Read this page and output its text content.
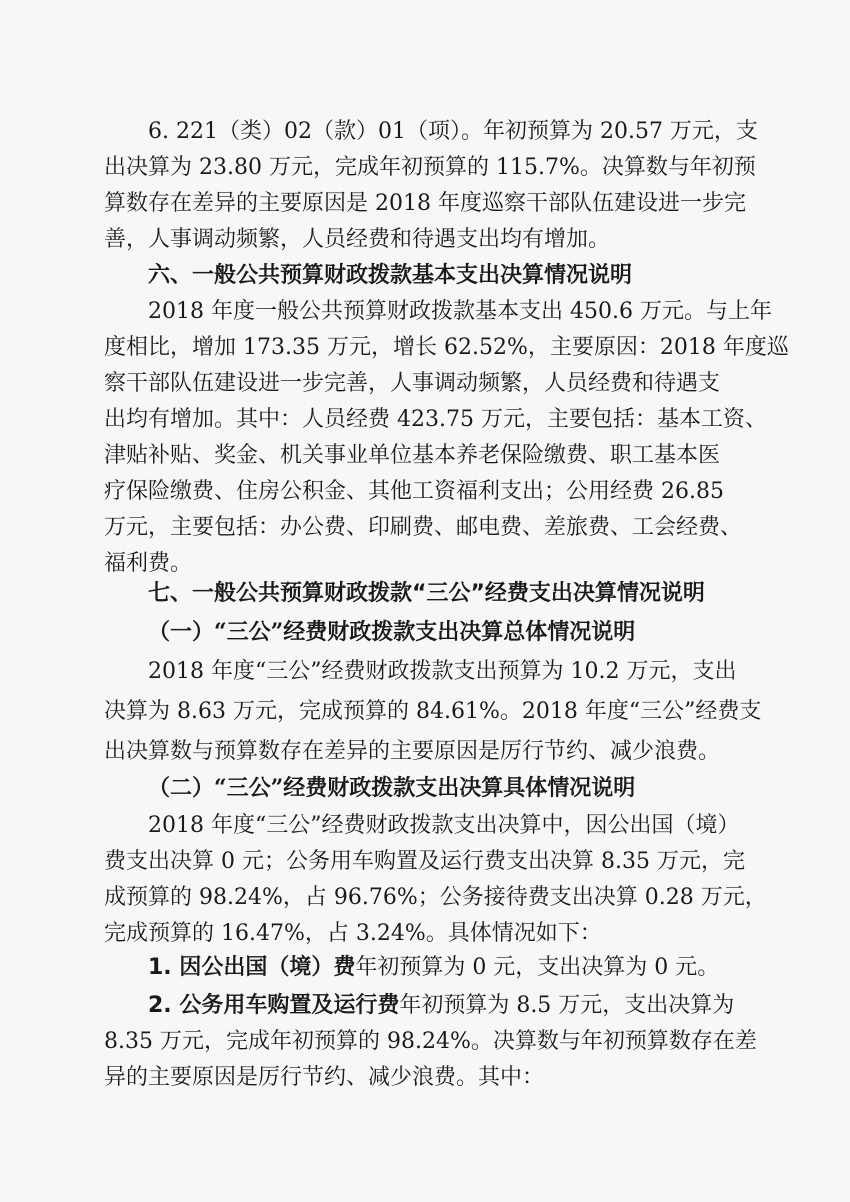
6. 221（类）02（款）01（项）。年初预算为 20.57 万元，支
出决算为 23.80 万元，完成年初预算的 115.7%。决算数与年初预
算数存在差异的主要原因是 2018 年度巡察干部队伍建设进一步完
善，人事调动频繁，人员经费和待遇支出均有增加。

六、一般公共预算财政拨款基本支出决算情况说明

2018 年度一般公共预算财政拨款基本支出 450.6 万元。与上年
度相比，增加 173.35 万元，增长 62.52%，主要原因：2018 年度巡
察干部队伍建设进一步完善，人事调动频繁，人员经费和待遇支
出均有增加。其中：人员经费 423.75 万元，主要包括：基本工资、
津贴补贴、奖金、机关事业单位基本养老保险缴费、职工基本医
疗保险缴费、住房公积金、其他工资福利支出；公用经费 26.85
万元，主要包括：办公费、印刷费、邮电费、差旅费、工会经费、
福利费。

七、一般公共预算财政拨款“三公”经费支出决算情况说明

（一）“三公”经费财政拨款支出决算总体情况说明

2018 年度“三公”经费财政拨款支出预算为 10.2 万元，支出
决算为 8.63 万元，完成预算的 84.61%。2018 年度“三公”经费支
出决算数与预算数存在差异的主要原因是厉行节约、减少浪费。

（二）“三公”经费财政拨款支出决算具体情况说明

2018 年度“三公”经费财政拨款支出决算中，因公出国（境）
费支出决算 0 元；公务用车购置及运行费支出决算 8.35 万元，完
成预算的 98.24%，占 96.76%；公务接待费支出决算 0.28 万元，
完成预算的 16.47%，占 3.24%。具体情况如下：

1. 因公出国（境）费年初预算为 0 元，支出决算为 0 元。

2. 公务用车购置及运行费年初预算为 8.5 万元，支出决算为
8.35 万元，完成年初预算的 98.24%。决算数与年初预算数存在差
异的主要原因是厉行节约、减少浪费。其中：
